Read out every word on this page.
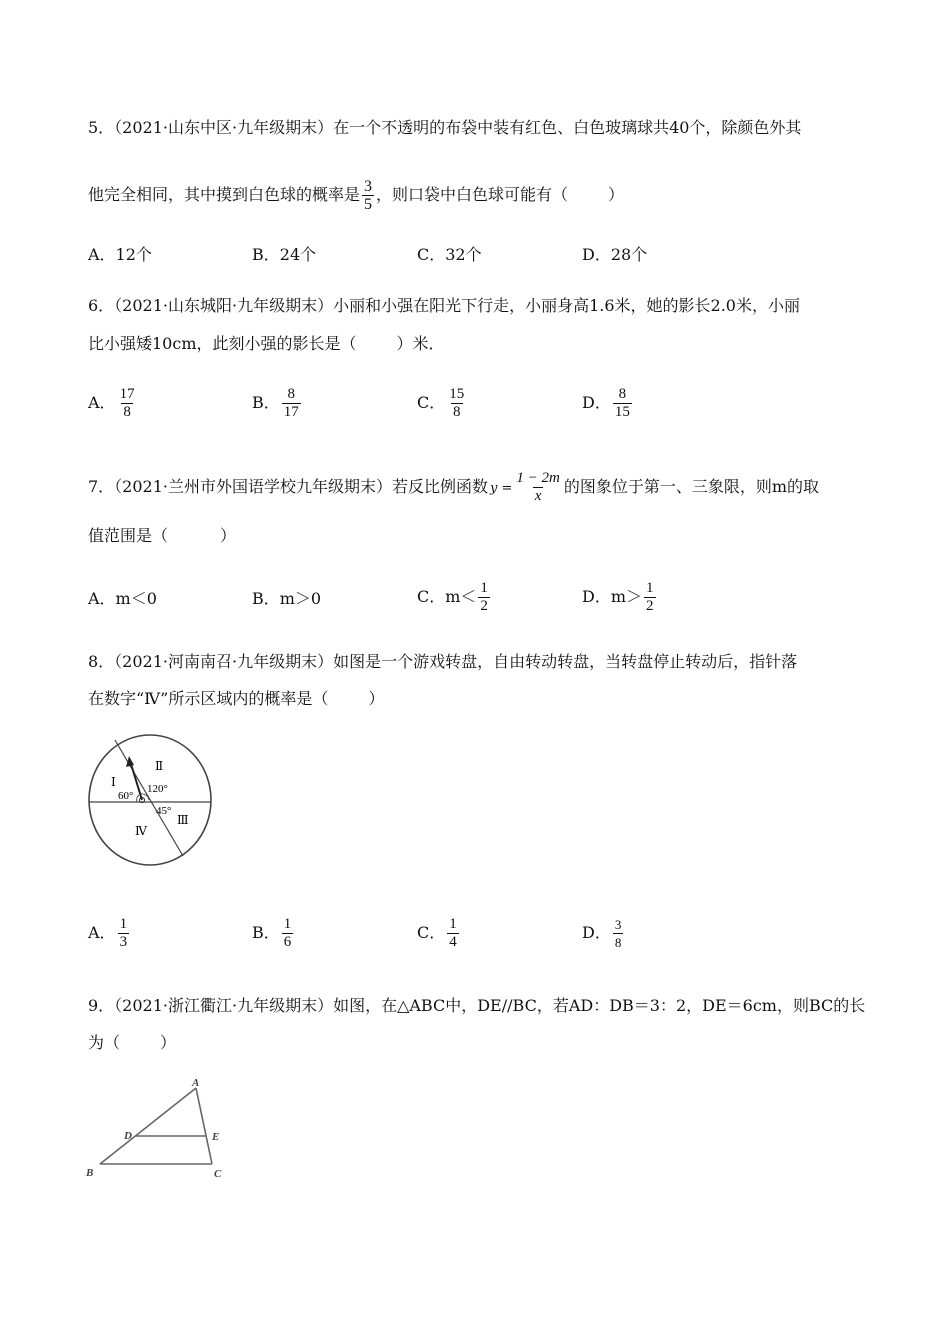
5．（2021·山东中区·九年级期末）在一个不透明的布袋中装有红色、白色玻璃球共40个，除颜色外其
他完全相同，其中摸到白色球的概率是 $\frac{3}{5}$ ，则口袋中白色球可能有（	）
A．12个	B．24个	C．32个	D．28个
6．（2021·山东城阳·九年级期末）小丽和小强在阳光下行走，小丽身高1.6米，她的影长2.0米，小丽
比小强矮10cm，此刻小强的影长是（	）米．
A． $\frac{17}{8}$	B． $\frac{8}{17}$	C． $\frac{15}{8}$	D． $\frac{8}{15}$
7．（2021·兰州市外国语学校九年级期末）若反比例函数 $y = \frac{1 - 2m}{x}$ 的图象位于第一、三象限，则m的取
值范围是（	）
A．m＜0	B．m＞0	C．$m< \frac{1}{2}$	D．$m> \frac{1}{2}$
8．（2021·河南南召·九年级期末）如图是一个游戏转盘，自由转动转盘，当转盘停止转动后，指针落
在数字“Ⅳ”所示区域内的概率是（	）
Ⅰ
Ⅱ
Ⅲ
Ⅳ
60°
120°
45°
A． $\frac{1}{3}$	B． $\frac{1}{6}$	C． $\frac{1}{4}$	D． $\frac{3}{8}$
9．（2021·浙江衢江·九年级期末）如图，在△ABC中，DE//BC，若AD：DB＝3：2，DE＝6cm，则BC的长
为（	）
A
B	C
D	E
